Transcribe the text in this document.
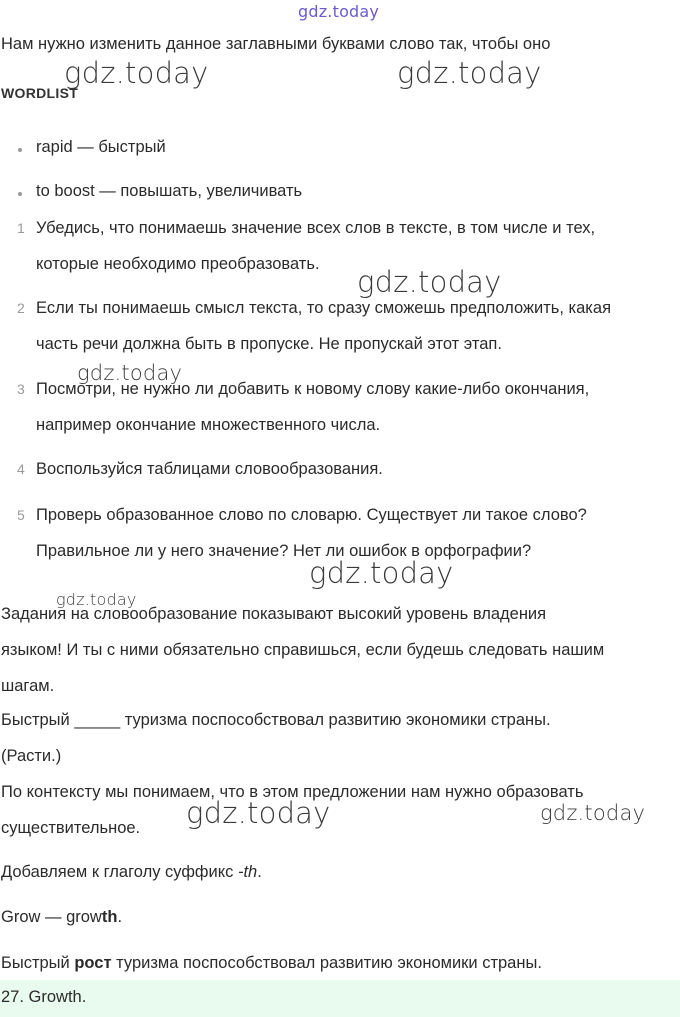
gdz.today
gdz.today	gdz.today
gdz.today
gdz.today
gdz.today
gdz.today
gdz.today	gdz.today
Нам нужно изменить данное заглавными буквами слово так, чтобы оно
WORDLIST
rapid — быстрый
to boost — повышать, увеличивать
1 Убедись, что понимаешь значение всех слов в тексте, в том числе и тех,
которые необходимо преобразовать.
2 Если ты понимаешь смысл текста, то сразу сможешь предположить, какая
часть речи должна быть в пропуске. Не пропускай этот этап.
3 Посмотри, не нужно ли добавить к новому слову какие-либо окончания,
например окончание множественного числа.
4 Воспользуйся таблицами словообразования.
5 Проверь образованное слово по словарю. Существует ли такое слово?
Правильное ли у него значение? Нет ли ошибок в орфографии?
Задания на словообразование показывают высокий уровень владения
языком! И ты с ними обязательно справишься, если будешь следовать нашим
шагам.
Быстрый _____ туризма поспособствовал развитию экономики страны.
(Расти.)
По контексту мы понимаем, что в этом предложении нам нужно образовать
существительное.
Добавляем к глаголу суффикс -th.
Grow — growth.
Быстрый рост туризма поспособствовал развитию экономики страны.
27. Growth.
